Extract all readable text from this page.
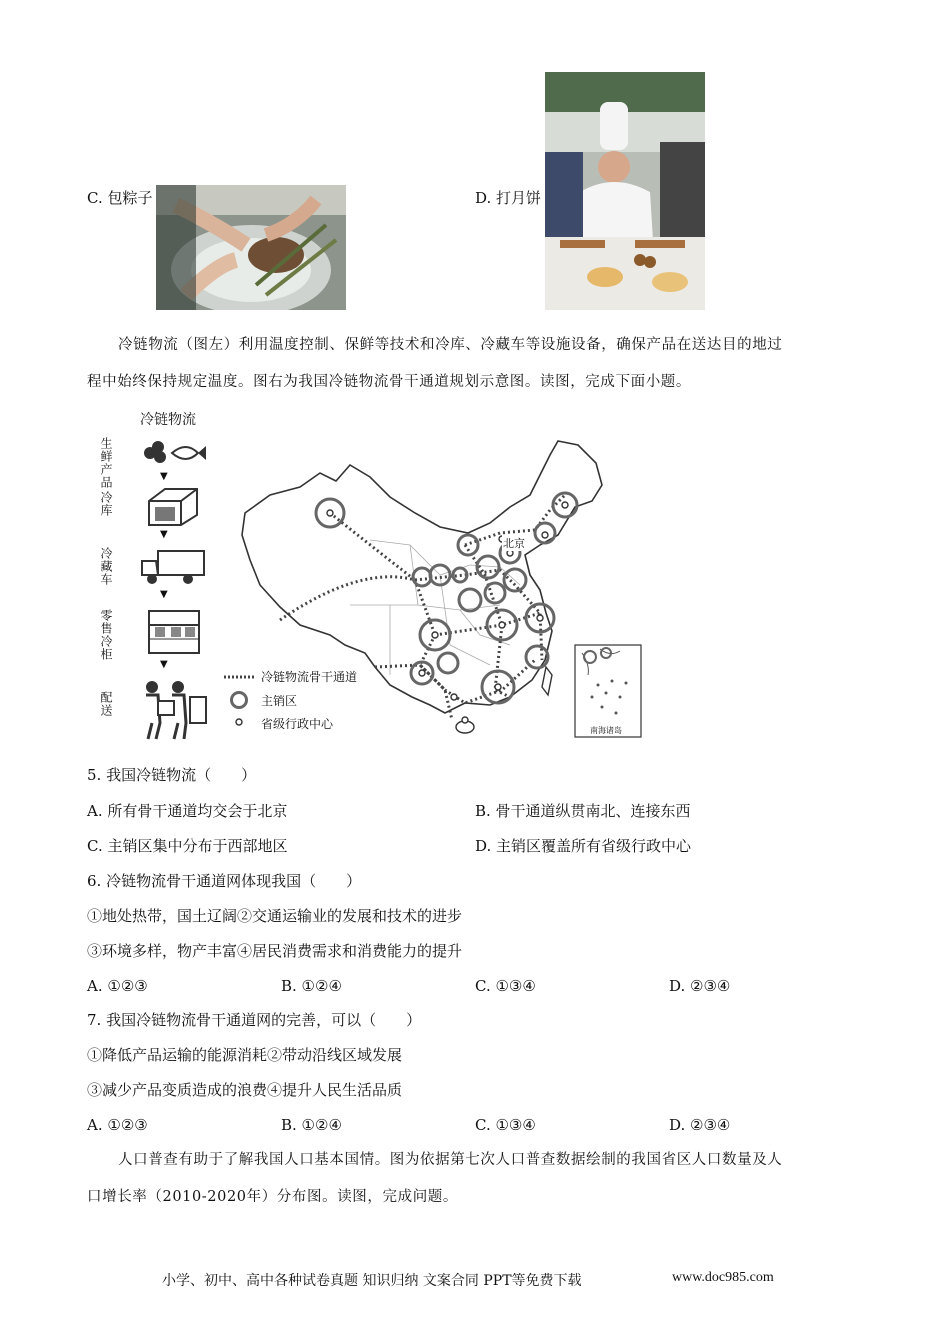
C. 包粽子	D. 打月饼
冷链物流（图左）利用温度控制、保鲜等技术和冷库、冷藏车等设施设备，确保产品在送达目的地过
程中始终保持规定温度。图右为我国冷链物流骨干通道规划示意图。读图，完成下面小题。
冷链物流
生鲜产品	▼
冷库
▼
冷藏车
▼
零售冷柜
▼
配送
北京
南海诸岛
冷链物流骨干通道
主销区
省级行政中心
5. 我国冷链物流（　　）
A. 所有骨干通道均交会于北京	B. 骨干通道纵贯南北、连接东西
C. 主销区集中分布于西部地区	D. 主销区覆盖所有省级行政中心
6. 冷链物流骨干通道网体现我国（　　）
①地处热带，国土辽阔②交通运输业的发展和技术的进步
③环境多样，物产丰富④居民消费需求和消费能力的提升
A. ①②③	B. ①②④	C. ①③④	D. ②③④
7. 我国冷链物流骨干通道网的完善，可以（　　）
①降低产品运输的能源消耗②带动沿线区域发展
③减少产品变质造成的浪费④提升人民生活品质
A. ①②③	B. ①②④	C. ①③④	D. ②③④
人口普查有助于了解我国人口基本国情。图为依据第七次人口普查数据绘制的我国省区人口数量及人
口增长率（2010-2020年）分布图。读图，完成问题。
小学、初中、高中各种试卷真题 知识归纳 文案合同 PPT等免费下载	www.doc985.com
